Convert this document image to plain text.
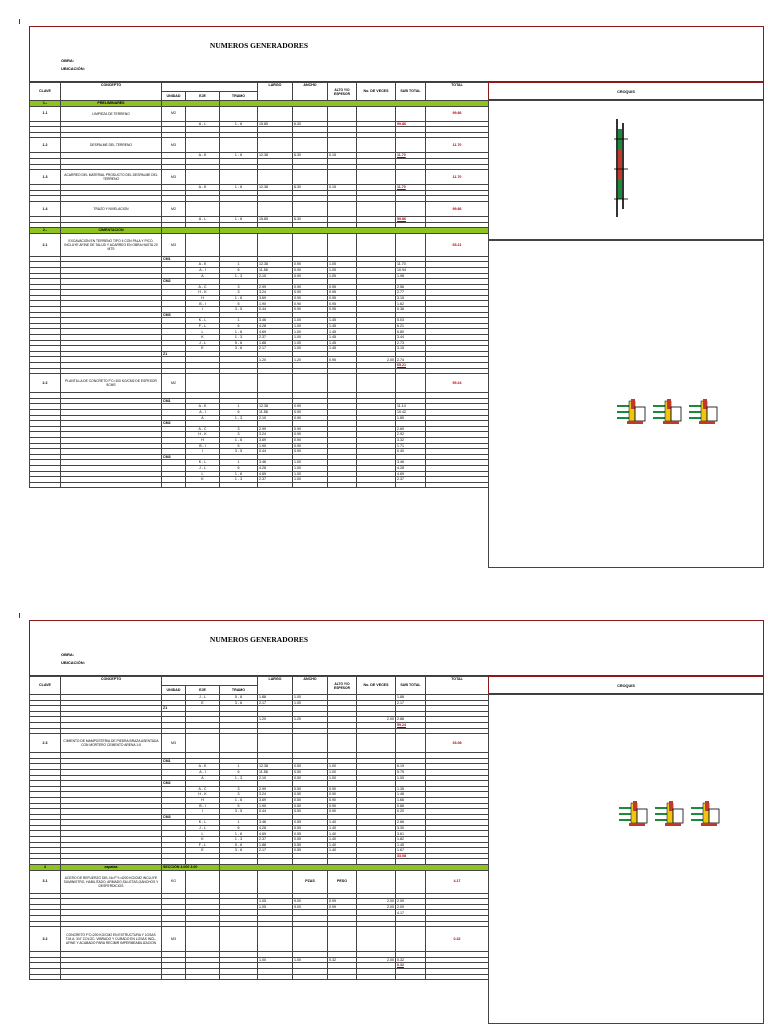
NUMEROS GENERADORES
OBRA:
UBICACIÓN:
CLAVE	CONCEPTO				LARGO	ANCHO	ALTO Y/O ESPESOR	No. DE VECES	SUB TOTAL	TOTAL
		UNIDAD	EJE	TRAMO						
1.-	PRELIMINARES									
1.1	LIMPIEZA DE TERRENO	M2								99.86
			A - L	1 - 6	15.85	6.30			99.86	

1.2	DESPALME DEL TERRENO	M3								11.70
			A - K	1 - 6	12.38	6.30	0.15		11.70	

1.3	ACARREO DEL MATERIAL PRODUCTO DEL DESPALME DEL TERRENO	M3								11.70
			A - K	1 - 6	12.38	6.30	0.15		11.70	

1.4	TRAZO Y NIVELACION	M2								99.86
			A - L	1 - 6	15.85	6.30			99.86	

2.-	CIMENTACION									
2.1	EXCAVACION EN TERRENO TIPO II CON PALA Y PICO, INCLUYE AFINE DE TALUD Y ACARREO EN OBRA HASTA 20 MTS	M3								65.21
		CM1								
			A - K	1	12.38	0.90	1.05		11.70	
			A - I	6	11.58	0.90	1.05		10.94	
			A	1 - 3	2.10	0.90	1.05		1.98	
		CM2								
			A - C	3	2.99	0.90	0.95		2.56	
			H - K	3	3.24	0.90	0.95		2.77	
			H	1 - 6	3.69	0.90	0.95		3.15	
			B - I	5	1.90	0.90	0.95		1.62	
			I	3 - 5	0.44	0.90	0.95		0.38	
		CM3								
			K - L	1	3.46	1.00	1.45		5.03	
			F - L	6	4.28	1.00	1.45		6.21	
			L	1 - 6	4.69	1.00	1.45		6.80	
			K	1 - 3	2.37	1.00	1.45		3.44	
			J - L	5 - 6	1.88	1.00	1.45		2.73	
			E	3 - 6	2.17	1.00	1.45		3.15	
		Z1								
					1.20	1.20	0.95	2.00	2.74	
									65.21	

2.2	PLANTILLA DE CONCRETO F'C=100 KG/CM2 DE ESPESOR 5CMS	M2								59.24

		CM1								
			A - K	1	12.38	0.90			11.14	
			A - I	6	11.58	0.90			10.42	
			A	1 - 3	2.10	0.90			1.89	
		CM2								
			A - C	3	2.99	0.90			2.69	
			H - K	3	3.24	0.90			2.92	
			H	1 - 6	3.69	0.90			3.32	
			B - I	5	1.90	0.90			1.71	
			I	3 - 5	0.44	0.90			0.40	
		CM3								
			K - L	1	3.46	1.00			3.46	
			J - L	6	4.28	1.00			4.28	
			L	1 - 6	4.69	1.00			4.69	
			K	1 - 3	2.37	1.00			2.37	

CROQUIS
NUMEROS GENERADORES
OBRA:
UBICACIÓN:
CLAVE	CONCEPTO				LARGO	ANCHO	ALTO Y/O ESPESOR	No. DE VECES	SUB TOTAL	TOTAL
		UNIDAD	EJE	TRAMO						
			J - L	5 - 6	1.88	1.00			1.88	
			E	3 - 6	2.17	1.00			2.17	
		Z1								

					1.20	1.20		2.00	2.88	
									59.24	

2.3	CIMIENTO DE MAMPOSTERIA DE PIEDRA BRAZA ASENTADA CON MORTERO CEMENTO ARENA 1:5	M3								33.08

		CM1								
			A - K	1	12.38	0.50	1.00		6.19	
			A - I	6	11.58	0.50	1.00		5.79	
			A	1 - 3	2.10	0.50	1.00		1.05	
		CM2								
			A - C	3	2.99	0.50	0.90		1.35	
			H - K	3	3.24	0.50	0.90		1.46	
			H	1 - 6	3.69	0.50	0.90		1.66	
			B - I	5	1.90	0.50	0.90		0.86	
			I	3 - 5	0.44	0.50	0.90		0.20	
		CM3								
			K - L	1	3.46	0.55	1.40		2.66	
			J - L	6	4.28	0.55	1.40		3.30	
			L	1 - 6	4.69	0.55	1.40		3.61	
			K	1 - 3	2.37	0.55	1.40		1.82	
			F - L	5 - 6	1.88	0.55	1.40		1.45	
			E	3 - 6	2.17	0.55	1.40		1.67	
									33.08	

3	zapatas	SECCIÓN 3.000 3.00								
3.1	ACERO DE REFUERZO DEL No F'Y=4200 KG/CM2 INCLUYE SUMINISTRO, HABILITADO, ARMADO,SILLETAS,GANCHOS Y DESPERDICIOS	KG				PZAS	PESO			4.17

					1.05	9.00	0.99	2.00	2.09	
					1.05	9.00	0.99	2.00	2.09	
									4.17	

3.2	CONCRETO F'C=200 KG/CM2 EN ESTRUCTURA Y LOSAS T.M.A. 3/4" COLOC. VIBRADO Y CURADO EN LOSAS INCL. AFINE Y ACABADO PARA RECIBIR IMPERMEABILIZACION	M3								0.32

					1.00	1.00	0.32	2.00	0.32	
									0.32	

CROQUIS
